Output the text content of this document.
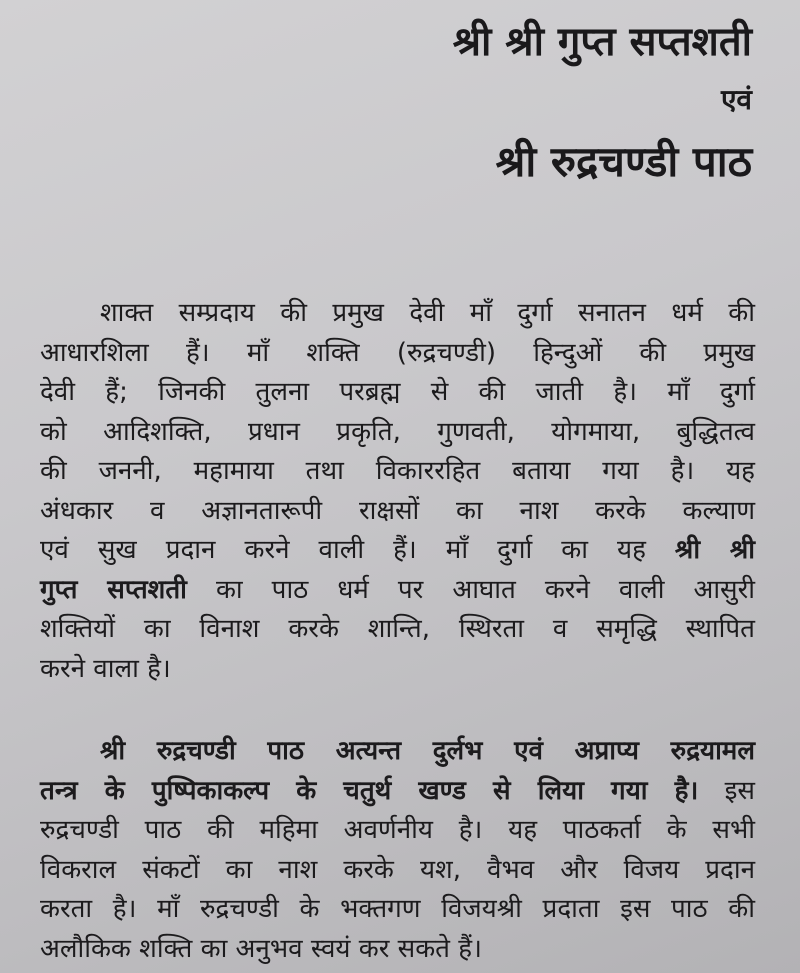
श्री श्री गुप्त सप्तशती
एवं
श्री रुद्रचण्डी पाठ
शाक्त सम्प्रदाय की प्रमुख देवी माँ दुर्गा सनातन धर्म की
आधारशिला हैं। माँ शक्ति (रुद्रचण्डी) हिन्दुओं की प्रमुख
देवी हैं; जिनकी तुलना परब्रह्म से की जाती है। माँ दुर्गा
को आदिशक्ति, प्रधान प्रकृति, गुणवती, योगमाया, बुद्धितत्व
की जननी, महामाया तथा विकाररहित बताया गया है। यह
अंधकार व अज्ञानतारूपी राक्षसों का नाश करके कल्याण
एवं सुख प्रदान करने वाली हैं। माँ दुर्गा का यह श्री श्री
गुप्त सप्तशती का पाठ धर्म पर आघात करने वाली आसुरी
शक्तियों का विनाश करके शान्ति, स्थिरता व समृद्धि स्थापित
करने वाला है।
श्री रुद्रचण्डी पाठ अत्यन्त दुर्लभ एवं अप्राप्य रुद्रयामल
तन्त्र के पुष्पिकाकल्प के चतुर्थ खण्ड से लिया गया है। इस
रुद्रचण्डी पाठ की महिमा अवर्णनीय है। यह पाठकर्ता के सभी
विकराल संकटों का नाश करके यश, वैभव और विजय प्रदान
करता है। माँ रुद्रचण्डी के भक्तगण विजयश्री प्रदाता इस पाठ की
अलौकिक शक्ति का अनुभव स्वयं कर सकते हैं।
